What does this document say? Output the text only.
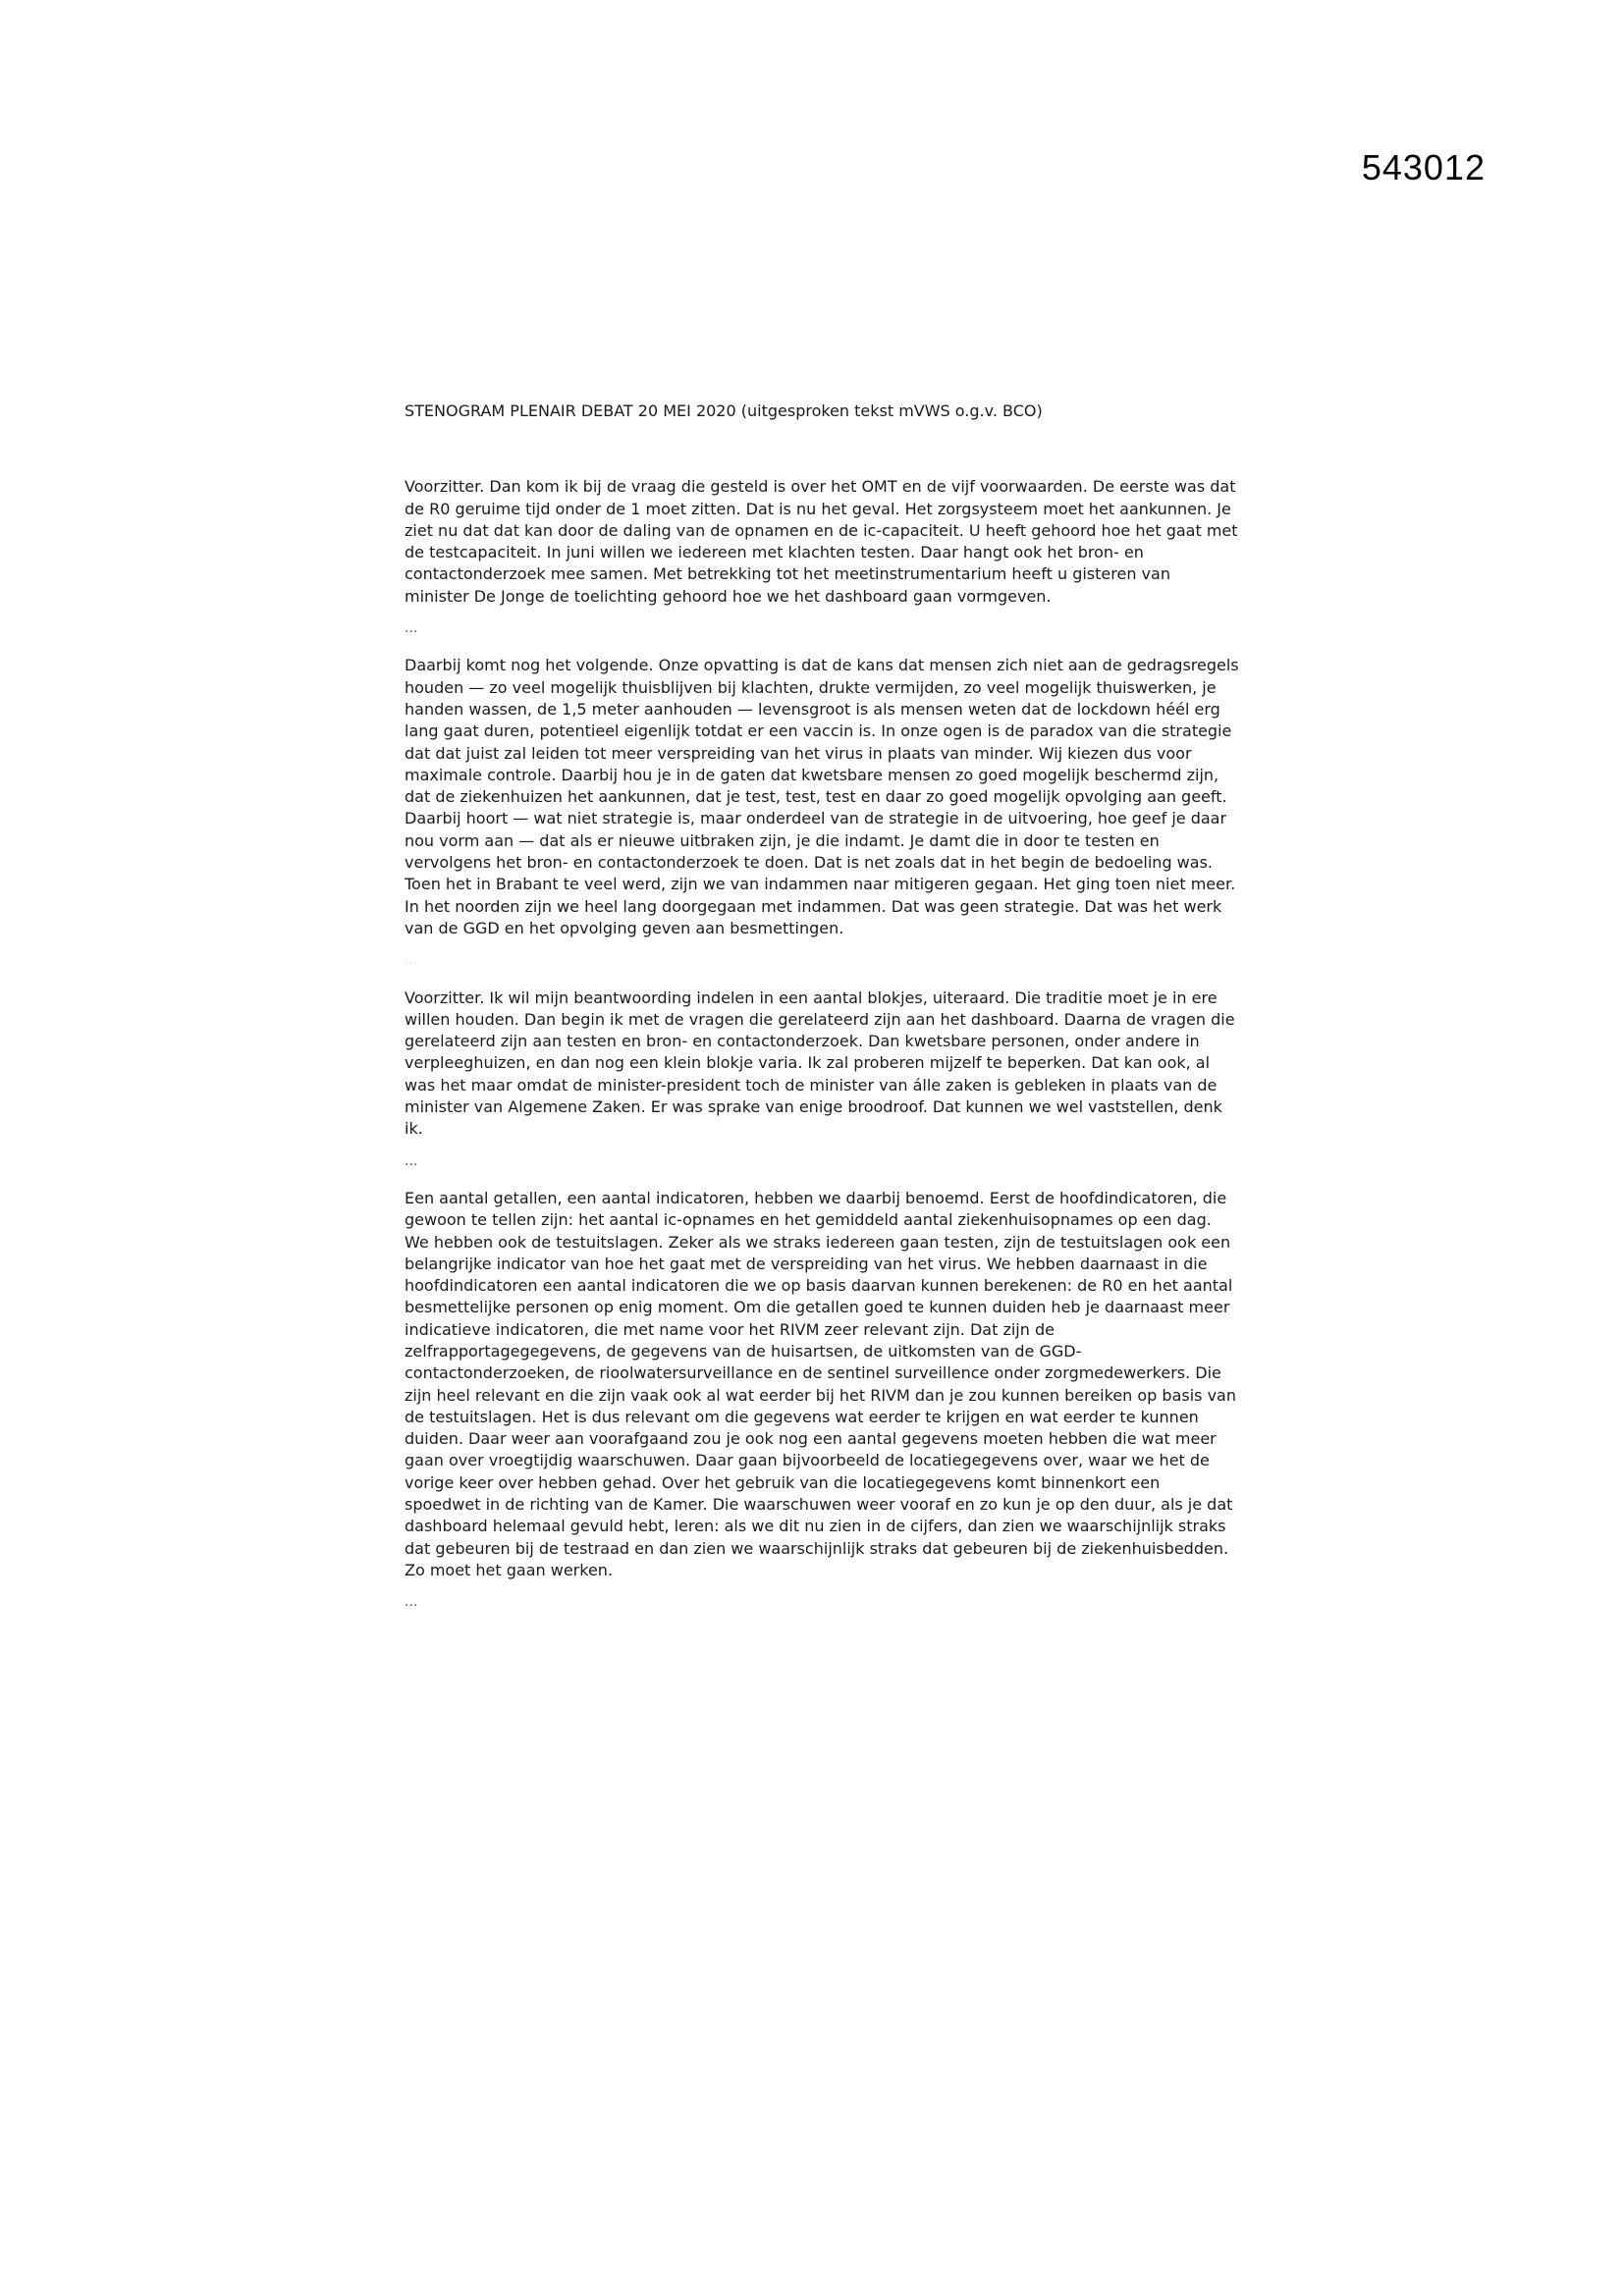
543012
STENOGRAM PLENAIR DEBAT 20 MEI 2020 (uitgesproken tekst mVWS o.g.v. BCO)

Voorzitter. Dan kom ik bij de vraag die gesteld is over het OMT en de vijf voorwaarden. De eerste was dat de R0 geruime tijd onder de 1 moet zitten. Dat is nu het geval. Het zorgsysteem moet het aankunnen. Je ziet nu dat dat kan door de daling van de opnamen en de ic-capaciteit. U heeft gehoord hoe het gaat met de testcapaciteit. In juni willen we iedereen met klachten testen. Daar hangt ook het bron- en contactonderzoek mee samen. Met betrekking tot het meetinstrumentarium heeft u gisteren van minister De Jonge de toelichting gehoord hoe we het dashboard gaan vormgeven.

...

Daarbij komt nog het volgende. Onze opvatting is dat de kans dat mensen zich niet aan de gedragsregels houden — zo veel mogelijk thuisblijven bij klachten, drukte vermijden, zo veel mogelijk thuiswerken, je handen wassen, de 1,5 meter aanhouden — levensgroot is als mensen weten dat de lockdown héél erg lang gaat duren, potentieel eigenlijk totdat er een vaccin is. In onze ogen is de paradox van die strategie dat dat juist zal leiden tot meer verspreiding van het virus in plaats van minder. Wij kiezen dus voor maximale controle. Daarbij hou je in de gaten dat kwetsbare mensen zo goed mogelijk beschermd zijn, dat de ziekenhuizen het aankunnen, dat je test, test, test en daar zo goed mogelijk opvolging aan geeft. Daarbij hoort — wat niet strategie is, maar onderdeel van de strategie in de uitvoering, hoe geef je daar nou vorm aan — dat als er nieuwe uitbraken zijn, je die indamt. Je damt die in door te testen en vervolgens het bron- en contactonderzoek te doen. Dat is net zoals dat in het begin de bedoeling was. Toen het in Brabant te veel werd, zijn we van indammen naar mitigeren gegaan. Het ging toen niet meer. In het noorden zijn we heel lang doorgegaan met indammen. Dat was geen strategie. Dat was het werk van de GGD en het opvolging geven aan besmettingen.

...

Voorzitter. Ik wil mijn beantwoording indelen in een aantal blokjes, uiteraard. Die traditie moet je in ere willen houden. Dan begin ik met de vragen die gerelateerd zijn aan het dashboard. Daarna de vragen die gerelateerd zijn aan testen en bron- en contactonderzoek. Dan kwetsbare personen, onder andere in verpleeghuizen, en dan nog een klein blokje varia. Ik zal proberen mijzelf te beperken. Dat kan ook, al was het maar omdat de minister-president toch de minister van álle zaken is gebleken in plaats van de minister van Algemene Zaken. Er was sprake van enige broodroof. Dat kunnen we wel vaststellen, denk ik.

...

Een aantal getallen, een aantal indicatoren, hebben we daarbij benoemd. Eerst de hoofdindicatoren, die gewoon te tellen zijn: het aantal ic-opnames en het gemiddeld aantal ziekenhuisopnames op een dag. We hebben ook de testuitslagen. Zeker als we straks iedereen gaan testen, zijn de testuitslagen ook een belangrijke indicator van hoe het gaat met de verspreiding van het virus. We hebben daarnaast in die hoofdindicatoren een aantal indicatoren die we op basis daarvan kunnen berekenen: de R0 en het aantal besmettelijke personen op enig moment. Om die getallen goed te kunnen duiden heb je daarnaast meer indicatieve indicatoren, die met name voor het RIVM zeer relevant zijn. Dat zijn de zelfrapportagegegevens, de gegevens van de huisartsen, de uitkomsten van de GGD-contactonderzoeken, de rioolwatersurveillance en de sentinel surveillence onder zorgmedewerkers. Die zijn heel relevant en die zijn vaak ook al wat eerder bij het RIVM dan je zou kunnen bereiken op basis van de testuitslagen. Het is dus relevant om die gegevens wat eerder te krijgen en wat eerder te kunnen duiden. Daar weer aan voorafgaand zou je ook nog een aantal gegevens moeten hebben die wat meer gaan over vroegtijdig waarschuwen. Daar gaan bijvoorbeeld de locatiegegevens over, waar we het de vorige keer over hebben gehad. Over het gebruik van die locatiegegevens komt binnenkort een spoedwet in de richting van de Kamer. Die waarschuwen weer vooraf en zo kun je op den duur, als je dat dashboard helemaal gevuld hebt, leren: als we dit nu zien in de cijfers, dan zien we waarschijnlijk straks dat gebeuren bij de testraad en dan zien we waarschijnlijk straks dat gebeuren bij de ziekenhuisbedden. Zo moet het gaan werken.

...
